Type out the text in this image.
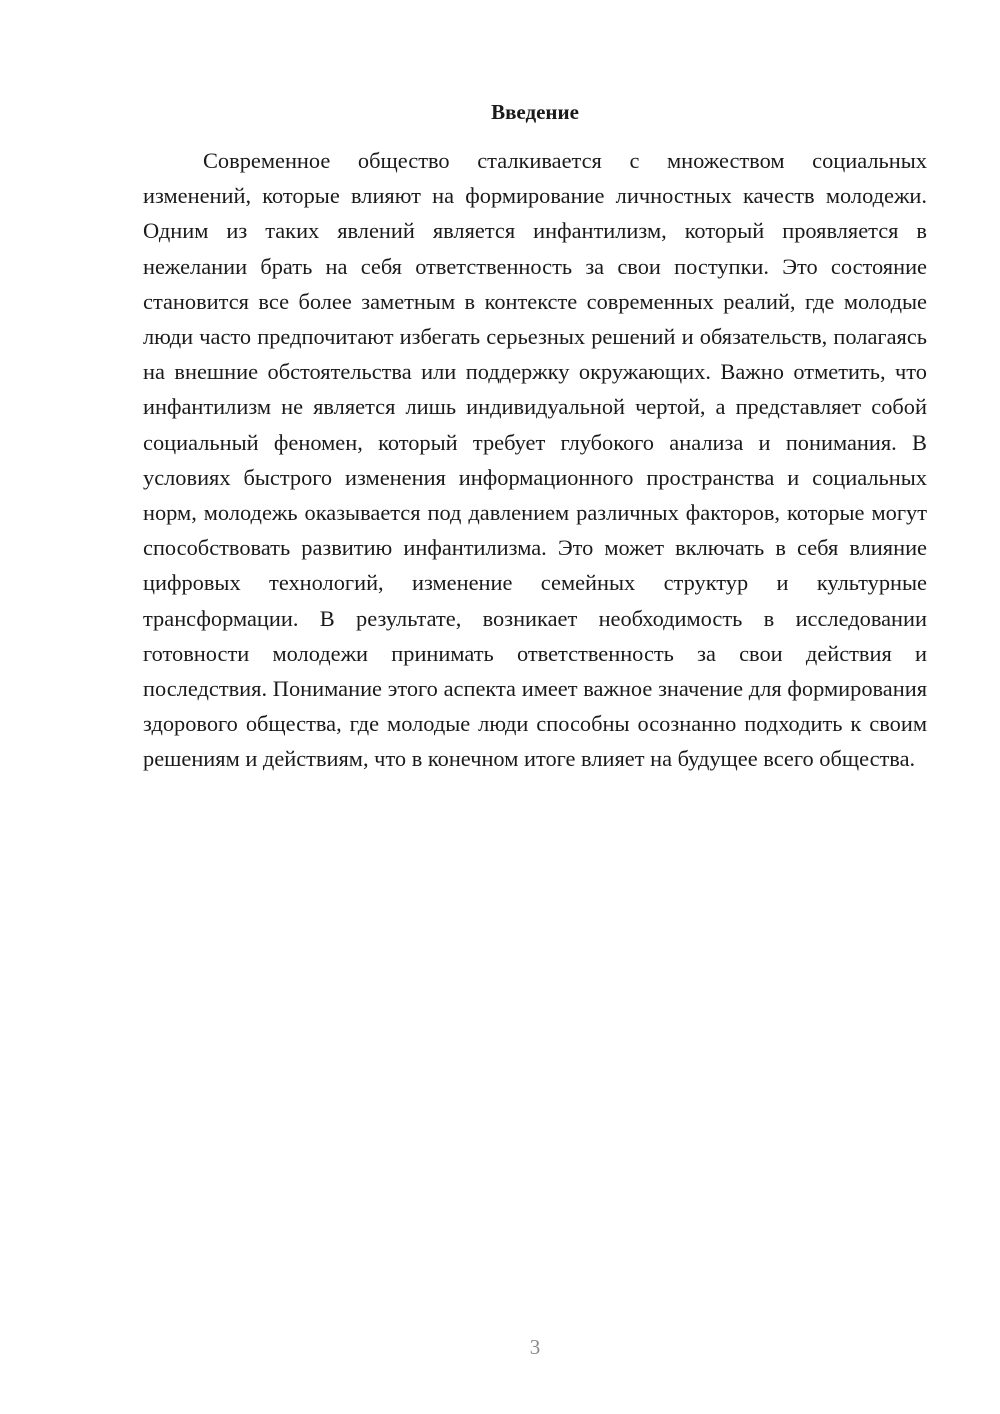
Введение

Современное общество сталкивается с множеством социальных изменений, которые влияют на формирование личностных качеств молодежи. Одним из таких явлений является инфантилизм, который проявляется в нежелании брать на себя ответственность за свои поступки. Это состояние становится все более заметным в контексте современных реалий, где молодые люди часто предпочитают избегать серьезных решений и обязательств, полагаясь на внешние обстоятельства или поддержку окружающих. Важно отметить, что инфантилизм не является лишь индивидуальной чертой, а представляет собой социальный феномен, который требует глубокого анализа и понимания. В условиях быстрого изменения информационного пространства и социальных норм, молодежь оказывается под давлением различных факторов, которые могут способствовать развитию инфантилизма. Это может включать в себя влияние цифровых технологий, изменение семейных структур и культурные трансформации. В результате, возникает необходимость в исследовании готовности молодежи принимать ответственность за свои действия и последствия. Понимание этого аспекта имеет важное значение для формирования здорового общества, где молодые люди способны осознанно подходить к своим решениям и действиям, что в конечном итоге влияет на будущее всего общества.

3
